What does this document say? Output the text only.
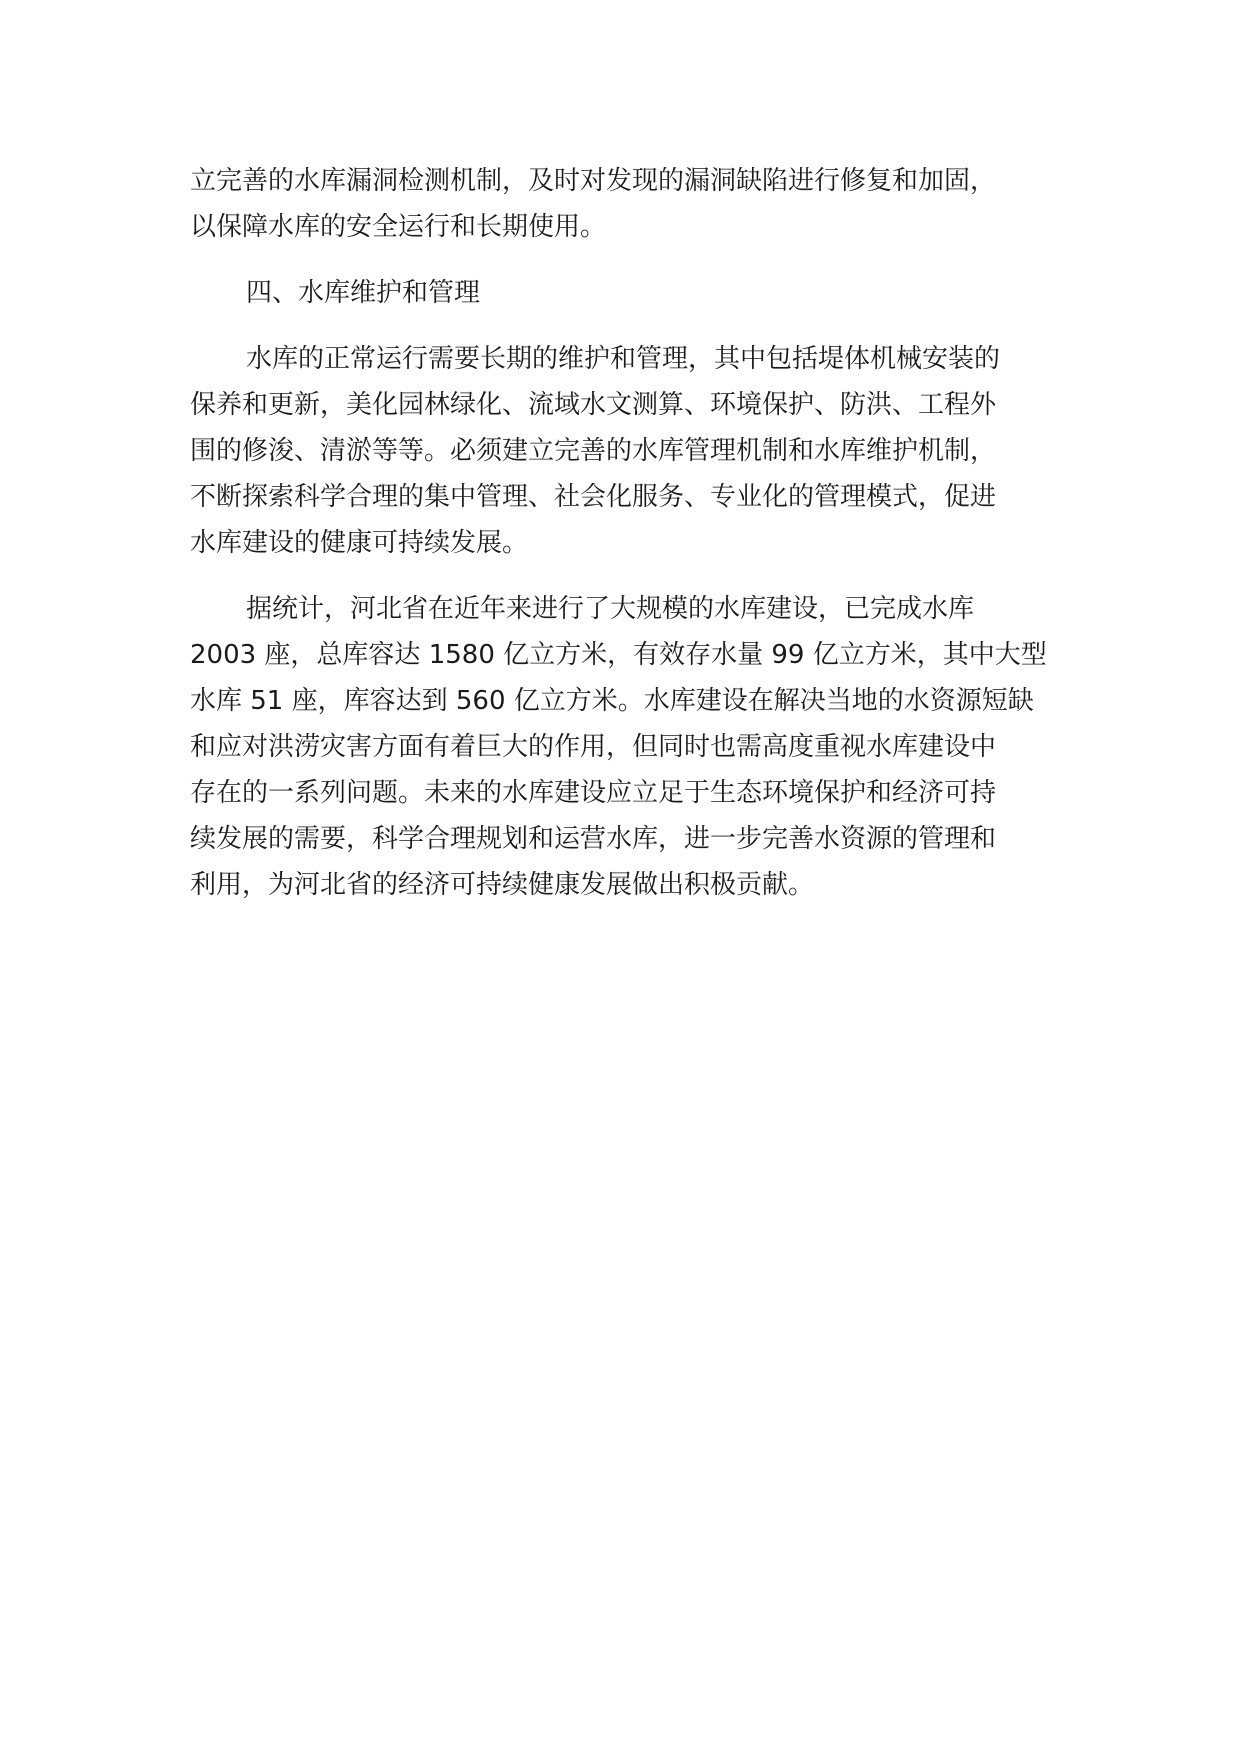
立完善的水库漏洞检测机制，及时对发现的漏洞缺陷进行修复和加固，
以保障水库的安全运行和长期使用。
四、水库维护和管理
水库的正常运行需要长期的维护和管理，其中包括堤体机械安装的
保养和更新，美化园林绿化、流域水文测算、环境保护、防洪、工程外
围的修浚、清淤等等。必须建立完善的水库管理机制和水库维护机制，
不断探索科学合理的集中管理、社会化服务、专业化的管理模式，促进
水库建设的健康可持续发展。
据统计，河北省在近年来进行了大规模的水库建设，已完成水库
2003 座，总库容达 1580 亿立方米，有效存水量 99 亿立方米，其中大型
水库 51 座，库容达到 560 亿立方米。水库建设在解决当地的水资源短缺
和应对洪涝灾害方面有着巨大的作用，但同时也需高度重视水库建设中
存在的一系列问题。未来的水库建设应立足于生态环境保护和经济可持
续发展的需要，科学合理规划和运营水库，进一步完善水资源的管理和
利用，为河北省的经济可持续健康发展做出积极贡献。
